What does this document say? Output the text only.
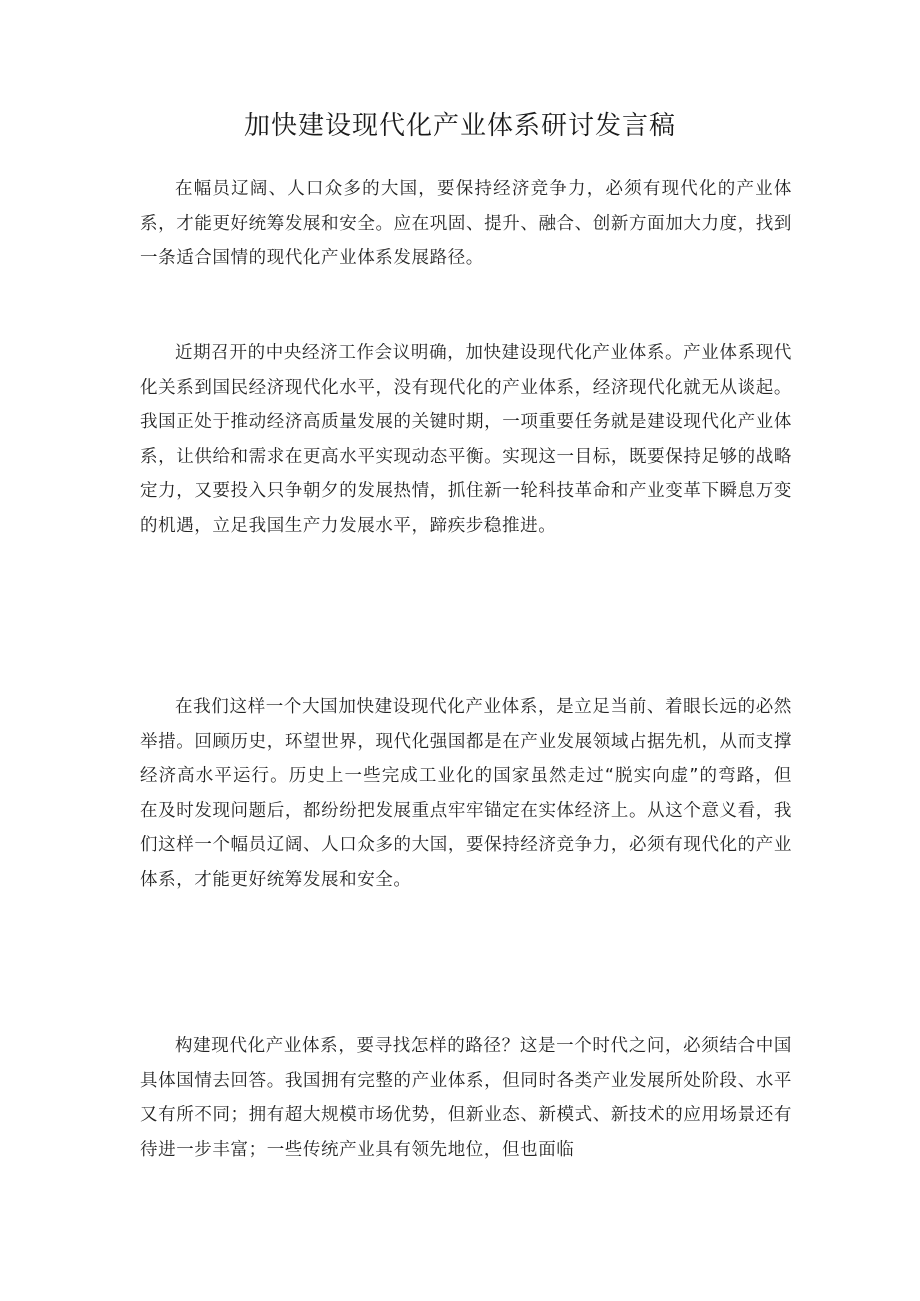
加快建设现代化产业体系研讨发言稿

在幅员辽阔、人口众多的大国，要保持经济竞争力，必须有现代化的产业体系，才能更好统筹发展和安全。应在巩固、提升、融合、创新方面加大力度，找到一条适合国情的现代化产业体系发展路径。

近期召开的中央经济工作会议明确，加快建设现代化产业体系。产业体系现代化关系到国民经济现代化水平，没有现代化的产业体系，经济现代化就无从谈起。我国正处于推动经济高质量发展的关键时期，一项重要任务就是建设现代化产业体系，让供给和需求在更高水平实现动态平衡。实现这一目标，既要保持足够的战略定力，又要投入只争朝夕的发展热情，抓住新一轮科技革命和产业变革下瞬息万变的机遇，立足我国生产力发展水平，蹄疾步稳推进。

在我们这样一个大国加快建设现代化产业体系，是立足当前、着眼长远的必然举措。回顾历史，环望世界，现代化强国都是在产业发展领域占据先机，从而支撑经济高水平运行。历史上一些完成工业化的国家虽然走过“脱实向虚”的弯路，但在及时发现问题后，都纷纷把发展重点牢牢锚定在实体经济上。从这个意义看，我们这样一个幅员辽阔、人口众多的大国，要保持经济竞争力，必须有现代化的产业体系，才能更好统筹发展和安全。

构建现代化产业体系，要寻找怎样的路径？这是一个时代之问，必须结合中国具体国情去回答。我国拥有完整的产业体系，但同时各类产业发展所处阶段、水平又有所不同；拥有超大规模市场优势，但新业态、新模式、新技术的应用场景还有待进一步丰富；一些传统产业具有领先地位，但也面临
